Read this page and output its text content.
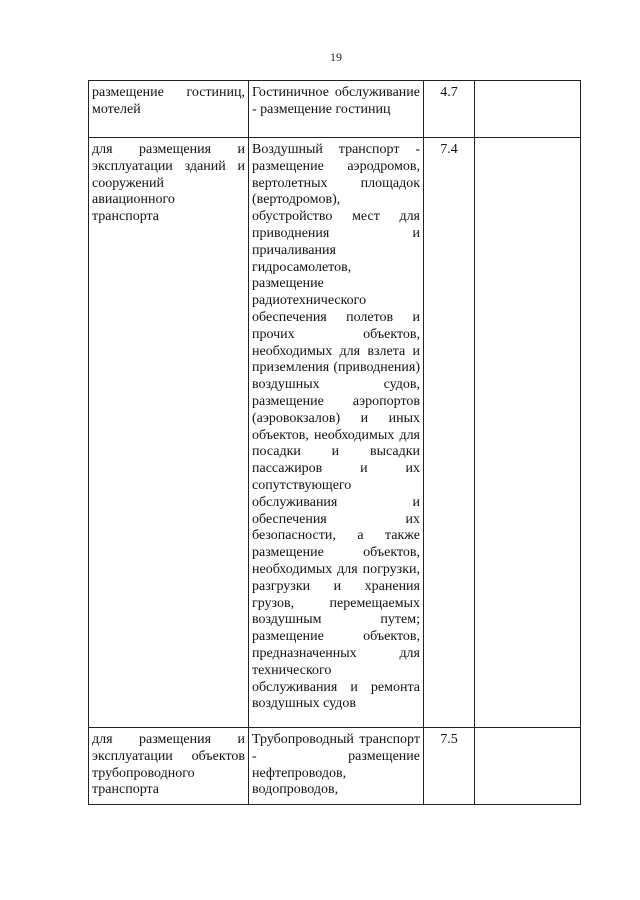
19
размещение гостиниц, мотелей	Гостиничное обслуживание - размещение гостиниц	4.7	
для размещения и эксплуатации зданий и сооружений авиационного транспорта	Воздушный транспорт - размещение аэродромов, вертолетных площадок (вертодромов), обустройство мест для приводнения и причаливания гидросамолетов, размещение радиотехнического обеспечения полетов и прочих объектов, необходимых для взлета и приземления (приводнения) воздушных судов, размещение аэропортов (аэровокзалов) и иных объектов, необходимых для посадки и высадки пассажиров и их сопутствующего обслуживания и обеспечения их безопасности, а также размещение объектов, необходимых для погрузки, разгрузки и хранения грузов, перемещаемых воздушным путем; размещение объектов, предназначенных для технического обслуживания и ремонта воздушных судов	7.4	
для размещения и эксплуатации объектов трубопроводного транспорта	Трубопроводный транспорт - размещение нефтепроводов, водопроводов,	7.5	
